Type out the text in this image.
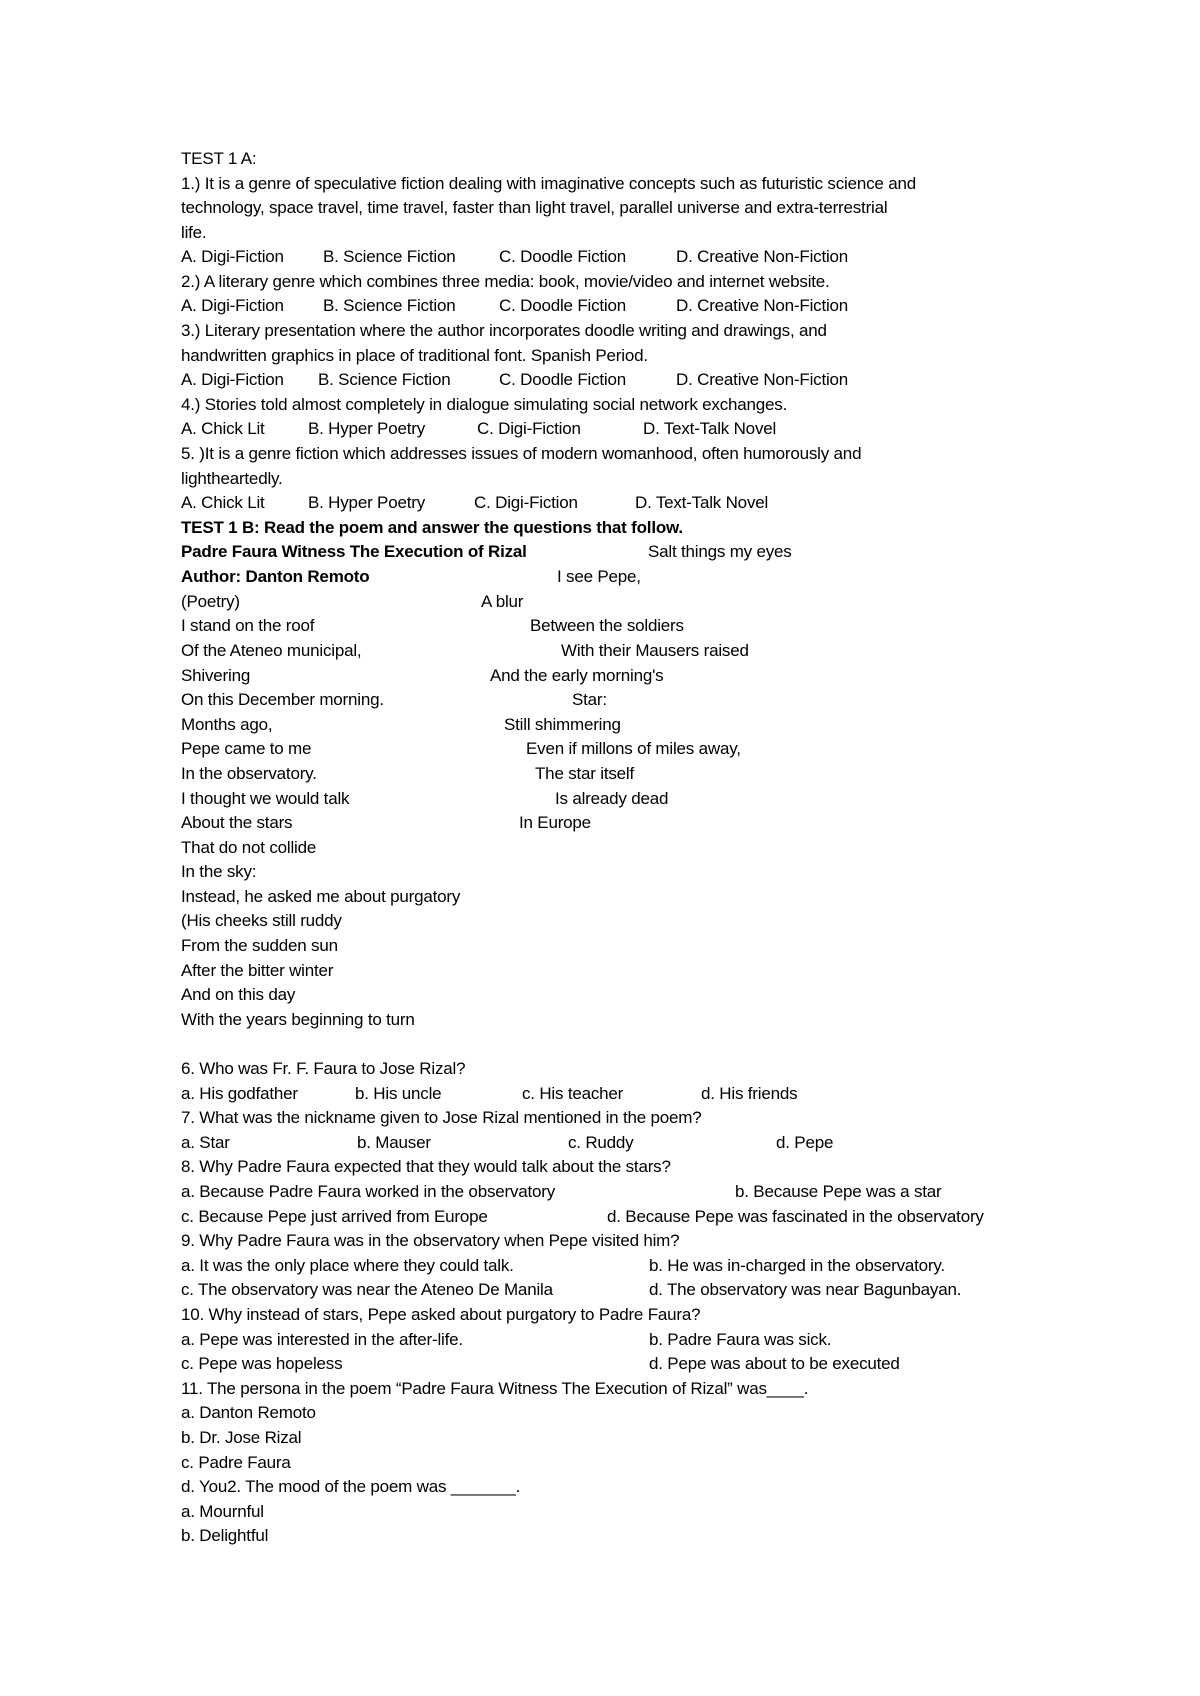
TEST 1 A:
1.) It is a genre of speculative fiction dealing with imaginative concepts such as futuristic science and
technology, space travel, time travel, faster than light travel, parallel universe and extra-terrestrial
life.
A. Digi-Fiction B. Science Fiction	C. Doodle Fiction	D. Creative Non-Fiction
2.) A literary genre which combines three media: book, movie/video and internet website.
A. Digi-Fiction B. Science Fiction	C. Doodle Fiction	D. Creative Non-Fiction
3.) Literary presentation where the author incorporates doodle writing and drawings, and
handwritten graphics in place of traditional font. Spanish Period.
A. Digi-Fiction B. Science Fiction	C. Doodle Fiction	D. Creative Non-Fiction
4.) Stories told almost completely in dialogue simulating social network exchanges.
A. Chick Lit	B. Hyper Poetry	C. Digi-Fiction	D. Text-Talk Novel
5. )It is a genre fiction which addresses issues of modern womanhood, often humorously and
lightheartedly.
A. Chick Lit	B. Hyper Poetry	C. Digi-Fiction	D. Text-Talk Novel
TEST 1 B: Read the poem and answer the questions that follow.
Padre Faura Witness The Execution of Rizal
Author: Danton Remoto
(Poetry)
I stand on the roof
Of the Ateneo municipal,
Shivering
On this December morning.
Months ago,
Pepe came to me
In the observatory.
I thought we would talk
About the stars
That do not collide
In the sky:
Instead, he asked me about purgatory
(His cheeks still ruddy
From the sudden sun
After the bitter winter
And on this day
With the years beginning to turn
Salt things my eyes
I see Pepe,
A blur
Between the soldiers
With their Mausers raised
And the early morning's
Star:
Still shimmering
Even if millons of miles away,
The star itself
Is already dead
In Europe
6. Who was Fr. F. Faura to Jose Rizal?
a. His godfather	b. His uncle	c. His teacher	d. His friends
7. What was the nickname given to Jose Rizal mentioned in the poem?
a. Star	b. Mauser	c. Ruddy	d. Pepe
8. Why Padre Faura expected that they would talk about the stars?
a. Because Padre Faura worked in the observatory	b. Because Pepe was a star
c. Because Pepe just arrived from Europe	d. Because Pepe was fascinated in the observatory
9. Why Padre Faura was in the observatory when Pepe visited him?
a. It was the only place where they could talk.	b. He was in-charged in the observatory.
c. The observatory was near the Ateneo De Manila	d. The observatory was near Bagunbayan.
10. Why instead of stars, Pepe asked about purgatory to Padre Faura?
a. Pepe was interested in the after-life.	b. Padre Faura was sick.
c. Pepe was hopeless	d. Pepe was about to be executed
11. The persona in the poem “Padre Faura Witness The Execution of Rizal” was____.
a. Danton Remoto
b. Dr. Jose Rizal
c. Padre Faura
d. You2. The mood of the poem was _______.
a. Mournful
b. Delightful
